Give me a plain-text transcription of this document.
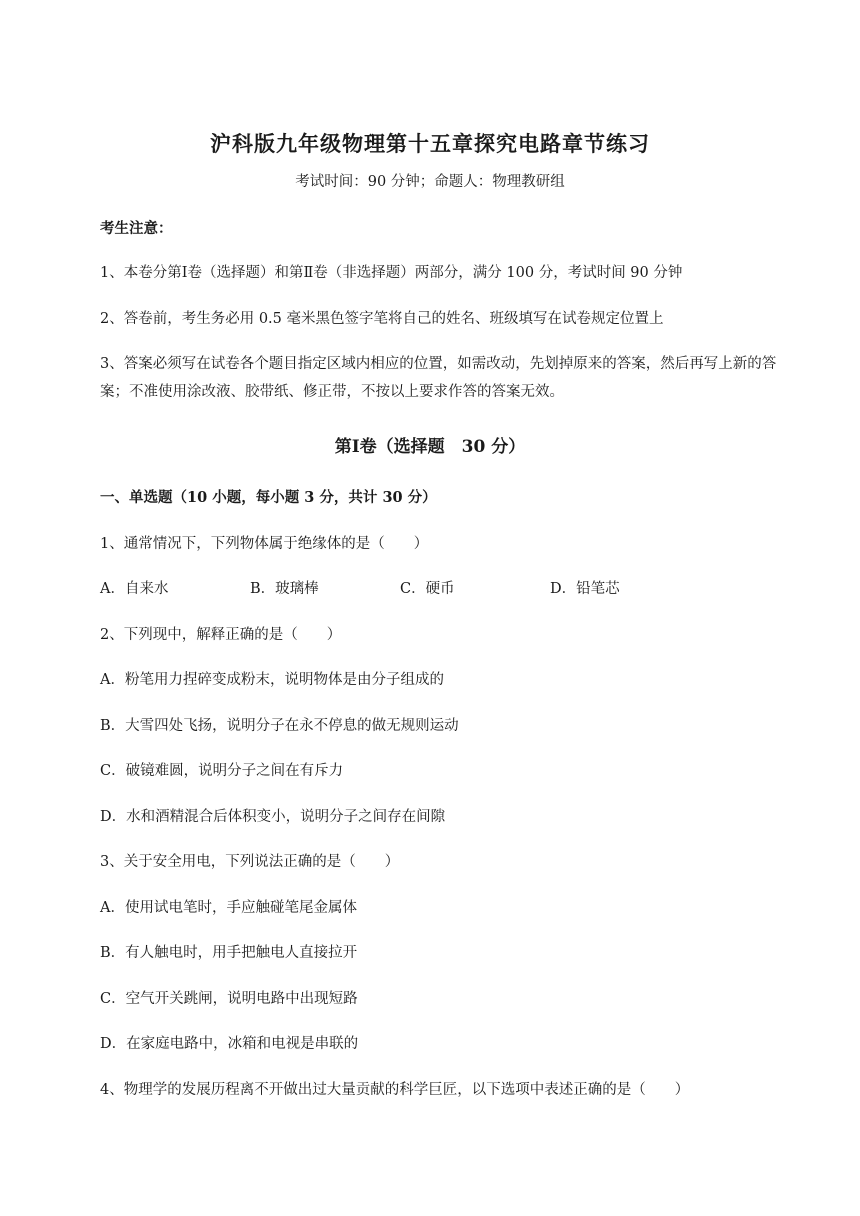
沪科版九年级物理第十五章探究电路章节练习
考试时间：90 分钟；命题人：物理教研组
考生注意：
1、本卷分第Ⅰ卷（选择题）和第Ⅱ卷（非选择题）两部分，满分 100 分，考试时间 90 分钟
2、答卷前，考生务必用 0.5 毫米黑色签字笔将自己的姓名、班级填写在试卷规定位置上
3、答案必须写在试卷各个题目指定区域内相应的位置，如需改动，先划掉原来的答案，然后再写上新的答案；不准使用涂改液、胶带纸、修正带，不按以上要求作答的答案无效。
第Ⅰ卷（选择题　30 分）
一、单选题（10 小题，每小题 3 分，共计 30 分）
1、通常情况下，下列物体属于绝缘体的是（　　）
A．自来水	B．玻璃棒	C．硬币	D．铅笔芯
2、下列现中，解释正确的是（　　）
A．粉笔用力捏碎变成粉末，说明物体是由分子组成的
B．大雪四处飞扬，说明分子在永不停息的做无规则运动
C．破镜难圆，说明分子之间在有斥力
D．水和酒精混合后体积变小，说明分子之间存在间隙
3、关于安全用电，下列说法正确的是（　　）
A．使用试电笔时，手应触碰笔尾金属体
B．有人触电时，用手把触电人直接拉开
C．空气开关跳闸，说明电路中出现短路
D．在家庭电路中，冰箱和电视是串联的
4、物理学的发展历程离不开做出过大量贡献的科学巨匠，以下选项中表述正确的是（　　）
